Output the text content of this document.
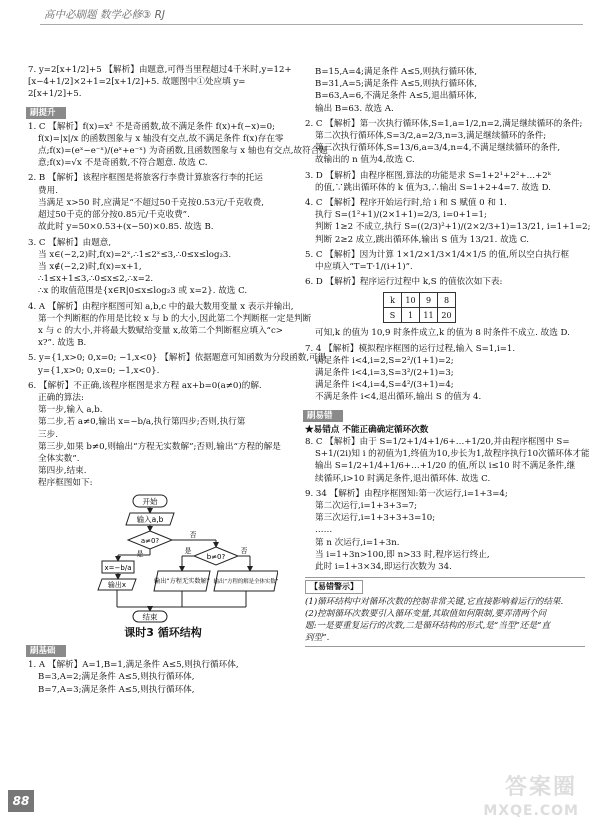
高中必刷题 数学必修③ RJ
7. y=2[x+1/2]+5 【解析】由题意,可得当里程超过4千米时,y=12+
[x−4+1/2]×2+1=2[x+1/2]+5. 故题图中①处应填 y=
2[x+1/2]+5.
刷提升
1. C 【解析】f(x)=x² 不是奇函数,故不满足条件 f(x)+f(−x)=0;
f(x)=|x|/x 的函数图象与 x 轴没有交点,故不满足条件 f(x)存在零
点;f(x)=(eˣ−e⁻ˣ)/(eˣ+e⁻ˣ) 为奇函数,且函数图象与 x 轴也有交点,故符合题
意;f(x)=√x 不是奇函数,不符合题意. 故选 C.
2. B 【解析】该程序框图是将旅客行李费计算旅客行李的托运
费用.
当满足 x>50 时,应满足“不超过50千克按0.53元/千克收费,
超过50千克的部分按0.85元/千克收费”.
故此时 y=50×0.53+(x−50)×0.85. 故选 B.
3. C 【解析】由题意,
当 x∈(−2,2)时,f(x)=2ˣ,∴1≤2ˣ≤3,∴0≤x≤log₂3.
当 x∉(−2,2)时,f(x)=x+1,
∴1≤x+1≤3,∴0≤x≤2,∴x=2.
∴x 的取值范围是{x∈R|0≤x≤log₂3 或 x=2}. 故选 C.
4. A 【解析】由程序框图可知 a,b,c 中的最大数用变量 x 表示并输出,
第一个判断框的作用是比较 x 与 b 的大小,因此第二个判断框一定是判断
x 与 c 的大小,并将最大数赋给变量 x,故第二个判断框应填入“c>
x?”. 故选 B.
5. y={1,x>0; 0,x=0; −1,x<0} 【解析】依据题意可知函数为分段函数,可得
y={1,x>0; 0,x=0; −1,x<0}.
6. 【解析】不正确,该程序框图是求方程 ax+b=0(a≠0)的解.
正确的算法:
第一步,输入 a,b.
第二步,若 a≠0,输出 x=−b/a,执行第四步;否则,执行第
三步.
第三步,如果 b≠0,则输出“方程无实数解”;否则,输出“方程的解是
全体实数”.
第四步,结束.
程序框图如下:
开始
输入a,b
a≠0?
否
b≠0?
是
x=−b/a
输出x
是
输出“方程无实数解”
否
输出“方程的解是全体实数”
结束
课时3 循环结构
刷基础
1. A 【解析】A=1,B=1,满足条件 A≤5,则执行循环体,
B=3,A=2;满足条件 A≤5,则执行循环体,
B=7,A=3;满足条件 A≤5,则执行循环体,
B=15,A=4;满足条件 A≤5,则执行循环体,
B=31,A=5;满足条件 A≤5,则执行循环体,
B=63,A=6,不满足条件 A≤5,退出循环体,
输出 B=63. 故选 A.
2. C 【解析】第一次执行循环体,S=1,a=1/2,n=2,满足继续循环的条件;
第二次执行循环体,S=3/2,a=2/3,n=3,满足继续循环的条件;
第三次执行循环体,S=13/6,a=3/4,n=4,不满足继续循环的条件,
故输出的 n 值为4,故选 C.
3. D 【解析】由程序框图,算法的功能是求 S=1+2¹+2²+…+2ᵏ
的值,∵跳出循环体的 k 值为3,∴输出 S=1+2+4=7. 故选 D.
4. C 【解析】程序开始运行时,给 i 和 S 赋值 0 和 1.
执行 S=(1²+1)/(2×1+1)=2/3, i=0+1=1;
判断 1≥2 不成立,执行 S=((2/3)²+1)/(2×2/3+1)=13/21, i=1+1=2;
判断 2≥2 成立,跳出循环体,输出 S 值为 13/21. 故选 C.
5. C 【解析】因为计算 1×1/2×1/3×1/4×1/5 的值,所以空白执行框
中应填入“T=T·1/(i+1)”.
6. D 【解析】程序运行过程中 k,S 的值依次如下表:
k	10	9	8
S	1	11	20
可知,k 的值为 10,9 时条件成立,k 的值为 8 时条件不成立. 故选 D.
7. 4 【解析】模拟程序框图的运行过程,输入 S=1,i=1.
满足条件 i<4,i=2,S=2²/(1+1)=2;
满足条件 i<4,i=3,S=3²/(2+1)=3;
满足条件 i<4,i=4,S=4²/(3+1)=4;
不满足条件 i<4,退出循环,输出 S 的值为 4.
刷易错
★易错点 不能正确确定循环次数
8. C 【解析】由于 S=1/2+1/4+1/6+…+1/20,并由程序框图中 S=
S+1/(2i)知 i 的初值为1,终值为10,步长为1,故程序执行10次循环体才能
输出 S=1/2+1/4+1/6+…+1/20 的值,所以 i≤10 时不满足条件,继
续循环,i>10 时满足条件,退出循环体. 故选 C.
9. 34 【解析】由程序框图知:第一次运行,i=1+3=4;
第二次运行,i=1+3+3=7;
第三次运行,i=1+3+3+3=10;
……
第 n 次运行,i=1+3n.
当 i=1+3n>100,即 n>33 时,程序运行终止,
此时 i=1+3×34,即运行次数为 34.
【易错警示】
(1)循环结构中对循环次数的控制非常关键,它直接影响着运行的结果.
(2)控制循环次数要引入循环变量,其取值如何限制,要弄清两个问
题:一是要重复运行的次数,二是循环结构的形式,是“当型”还是“直
到型”.
88
答案圈
MXQE.COM
